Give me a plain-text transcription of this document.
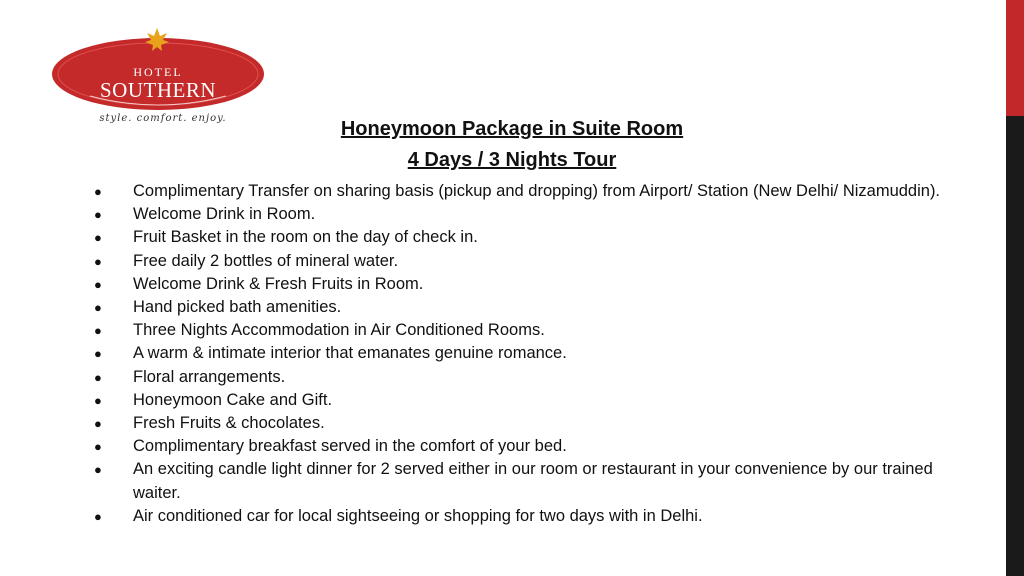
HOTEL
SOUTHERN
style. comfort. enjoy.	Honeymoon Package in Suite Room
4 Days / 3 Nights Tour
● Complimentary Transfer on sharing basis (pickup and dropping) from Airport/ Station (New Delhi/ Nizamuddin).
● Welcome Drink in Room.
● Fruit Basket in the room on the day of check in.
● Free daily 2 bottles of mineral water.
● Welcome Drink & Fresh Fruits in Room.
● Hand picked bath amenities.
● Three Nights Accommodation in Air Conditioned Rooms.
● A warm & intimate interior that emanates genuine romance.
● Floral arrangements.
● Honeymoon Cake and Gift.
● Fresh Fruits & chocolates.
● Complimentary breakfast served in the comfort of your bed.
● An exciting candle light dinner for 2 served either in our room or restaurant in your convenience by our trained waiter.
● Air conditioned car for local sightseeing or shopping for two days with in Delhi.
